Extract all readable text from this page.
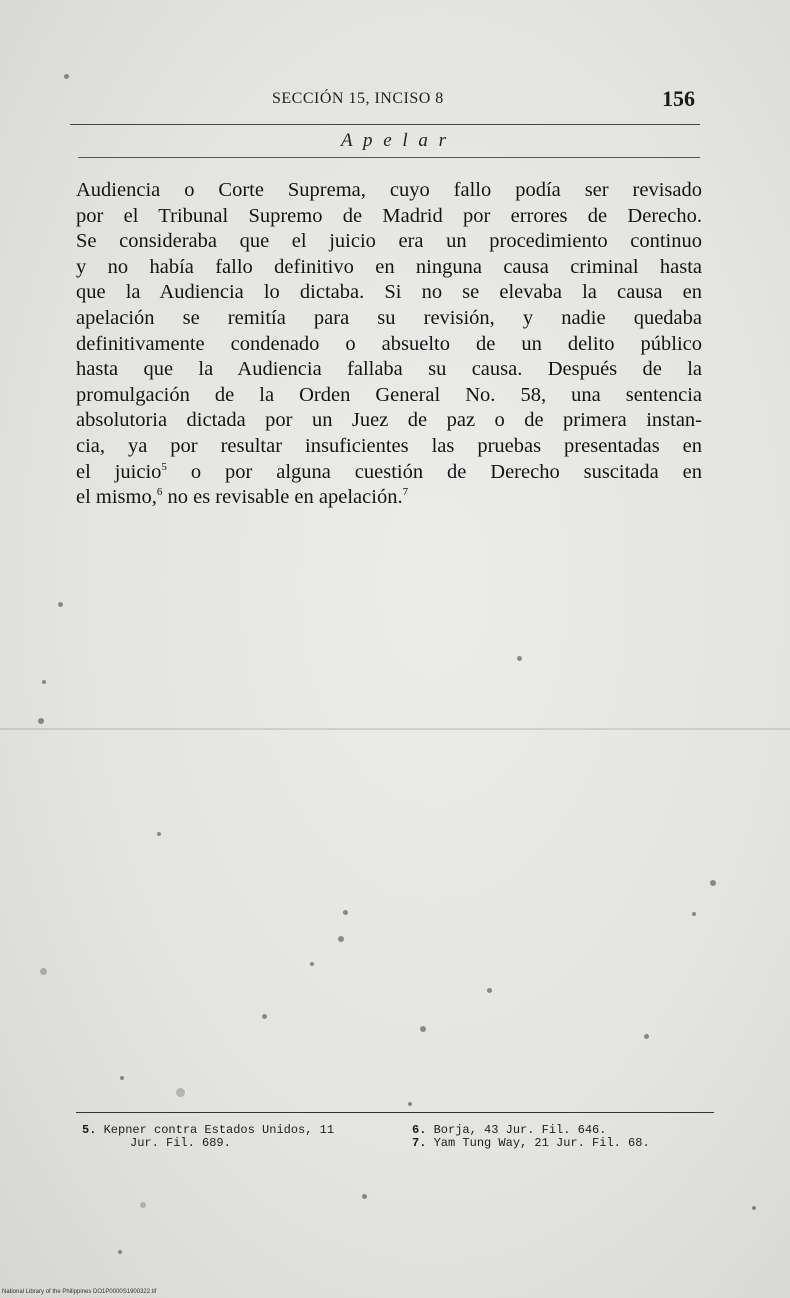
SECCIÓN 15, INCISO 8	156
A p e l a r
Audiencia o Corte Suprema, cuyo fallo podía ser revisado
por el Tribunal Supremo de Madrid por errores de Derecho.
Se consideraba que el juicio era un procedimiento continuo
y no había fallo definitivo en ninguna causa criminal hasta
que la Audiencia lo dictaba. Si no se elevaba la causa en
apelación se remitía para su revisión, y nadie quedaba
definitivamente condenado o absuelto de un delito público
hasta que la Audiencia fallaba su causa. Después de la
promulgación de la Orden General No. 58, una sentencia
absolutoria dictada por un Juez de paz o de primera instan-
cia, ya por resultar insuficientes las pruebas presentadas en
el juicio$^5$ o por alguna cuestión de Derecho suscitada en
el mismo,$^6$ no es revisable en apelación.$^7$
5. Kepner contra Estados Unidos, 11
Jur. Fil. 689.
6. Borja, 43 Jur. Fil. 646.
7. Yam Tung Way, 21 Jur. Fil. 68.
National Library of the Philippines DO1P0000S1900322.tif
